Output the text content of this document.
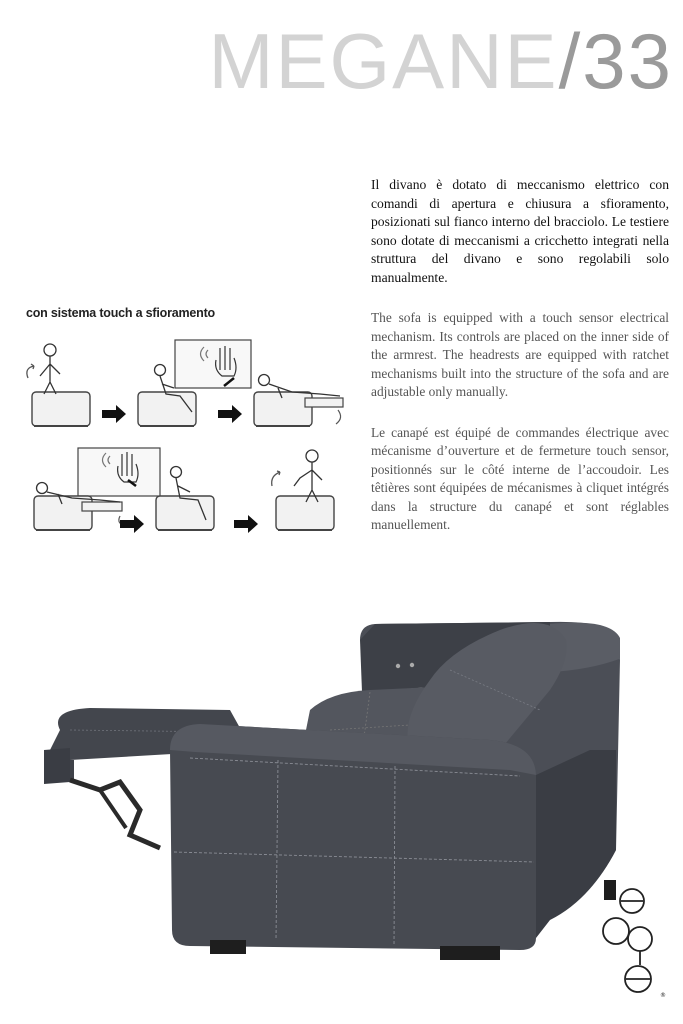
MEGANE/33

Il divano è dotato di meccanismo elettrico con comandi di apertura e chiusura a sfioramento, posizionati sul fianco interno del bracciolo. Le testiere sono dotate di meccanismi a cricchetto integrati nella struttura del divano e sono regolabili solo manualmente.

The sofa is equipped with a touch sensor electrical mechanism. Its controls are placed on the inner side of the armrest. The headrests are equipped with ratchet mechanisms built into the structure of the sofa and are adjustable only manually.

Le canapé est équipé de commandes électrique avec mécanisme d’ouverture et de fermeture touch sensor, positionnés sur le côté interne de l’accoudoir. Les têtières sont équipées de mécanismes à cliquet intégrés dans la structure du canapé et sont réglables manuellement.

con sistema touch a sfioramento
®
